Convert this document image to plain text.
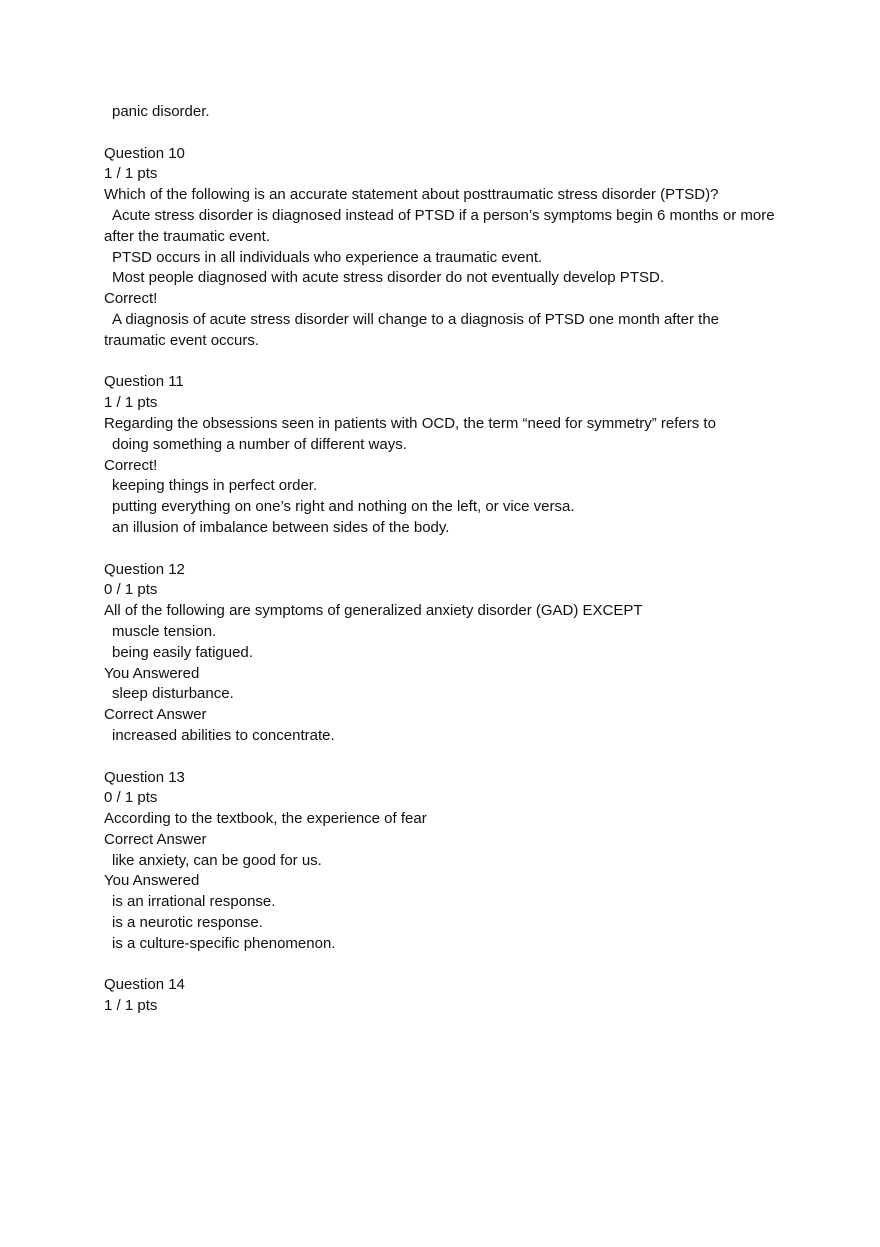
panic disorder.

Question 10

1 / 1 pts

Which of the following is an accurate statement about posttraumatic stress disorder (PTSD)?

Acute stress disorder is diagnosed instead of PTSD if a person’s symptoms begin 6 months or more after the traumatic event.

PTSD occurs in all individuals who experience a traumatic event.

Most people diagnosed with acute stress disorder do not eventually develop PTSD.

Correct!

A diagnosis of acute stress disorder will change to a diagnosis of PTSD one month after the traumatic event occurs.

Question 11

1 / 1 pts

Regarding the obsessions seen in patients with OCD, the term “need for symmetry” refers to

doing something a number of different ways.

Correct!

keeping things in perfect order.

putting everything on one’s right and nothing on the left, or vice versa.

an illusion of imbalance between sides of the body.

Question 12

0 / 1 pts

All of the following are symptoms of generalized anxiety disorder (GAD) EXCEPT

muscle tension.

being easily fatigued.

You Answered

sleep disturbance.

Correct Answer

increased abilities to concentrate.

Question 13

0 / 1 pts

According to the textbook, the experience of fear

Correct Answer

like anxiety, can be good for us.

You Answered

is an irrational response.

is a neurotic response.

is a culture-specific phenomenon.

Question 14

1 / 1 pts
